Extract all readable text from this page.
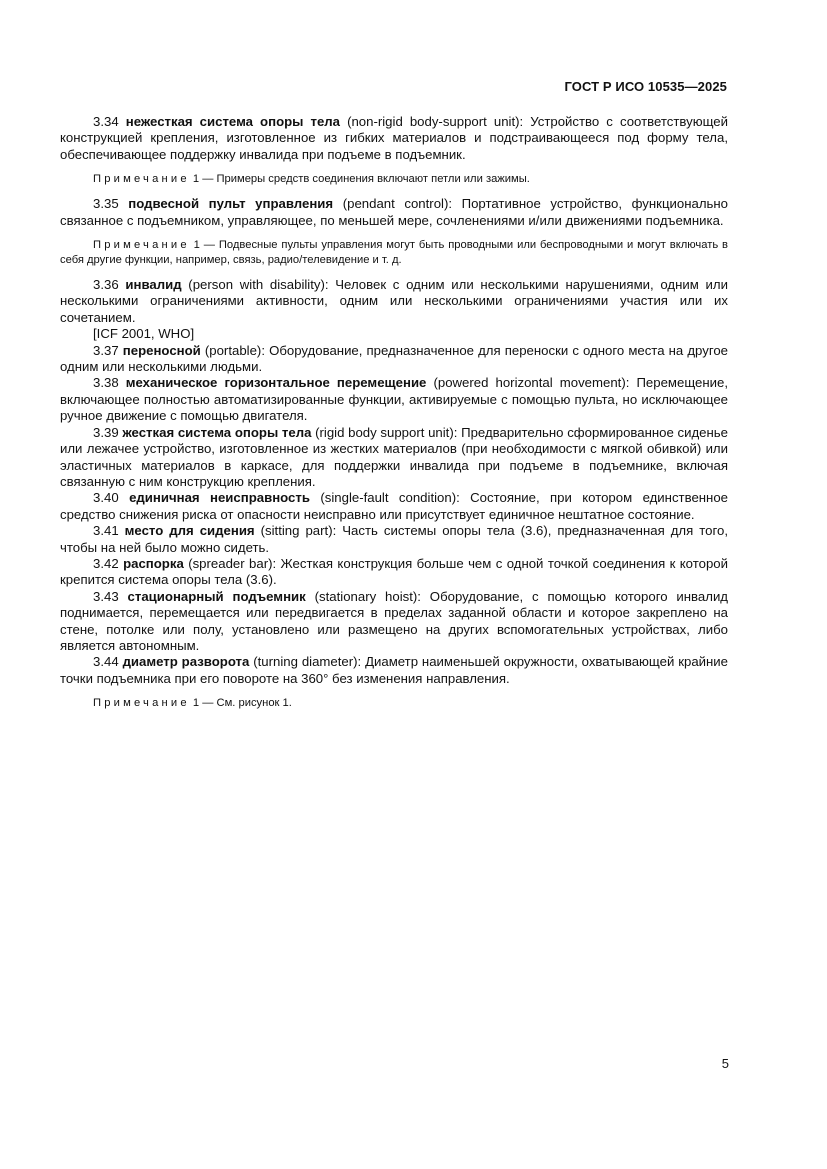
ГОСТ Р ИСО 10535—2025

3.34 нежесткая система опоры тела (non-rigid body-support unit): Устройство с соответствующей конструкцией крепления, изготовленное из гибких материалов и подстраивающееся под форму тела, обеспечивающее поддержку инвалида при подъеме в подъемник.

Примечание 1 — Примеры средств соединения включают петли или зажимы.

3.35 подвесной пульт управления (pendant control): Портативное устройство, функционально связанное с подъемником, управляющее, по меньшей мере, сочленениями и/или движениями подъемника.

Примечание 1 — Подвесные пульты управления могут быть проводными или беспроводными и могут включать в себя другие функции, например, связь, радио/телевидение и т. д.

3.36 инвалид (person with disability): Человек с одним или несколькими нарушениями, одним или несколькими ограничениями активности, одним или несколькими ограничениями участия или их сочетанием.

[ICF 2001, WHO]

3.37 переносной (portable): Оборудование, предназначенное для переноски с одного места на другое одним или несколькими людьми.

3.38 механическое горизонтальное перемещение (powered horizontal movement): Перемещение, включающее полностью автоматизированные функции, активируемые с помощью пульта, но исключающее ручное движение с помощью двигателя.

3.39 жесткая система опоры тела (rigid body support unit): Предварительно сформированное сиденье или лежачее устройство, изготовленное из жестких материалов (при необходимости с мягкой обивкой) или эластичных материалов в каркасе, для поддержки инвалида при подъеме в подъемнике, включая связанную с ним конструкцию крепления.

3.40 единичная неисправность (single-fault condition): Состояние, при котором единственное средство снижения риска от опасности неисправно или присутствует единичное нештатное состояние.

3.41 место для сидения (sitting part): Часть системы опоры тела (3.6), предназначенная для того, чтобы на ней было можно сидеть.

3.42 распорка (spreader bar): Жесткая конструкция больше чем с одной точкой соединения к которой крепится система опоры тела (3.6).

3.43 стационарный подъемник (stationary hoist): Оборудование, с помощью которого инвалид поднимается, перемещается или передвигается в пределах заданной области и которое закреплено на стене, потолке или полу, установлено или размещено на других вспомогательных устройствах, либо является автономным.

3.44 диаметр разворота (turning diameter): Диаметр наименьшей окружности, охватывающей крайние точки подъемника при его повороте на 360° без изменения направления.

Примечание 1 — См. рисунок 1.

5
